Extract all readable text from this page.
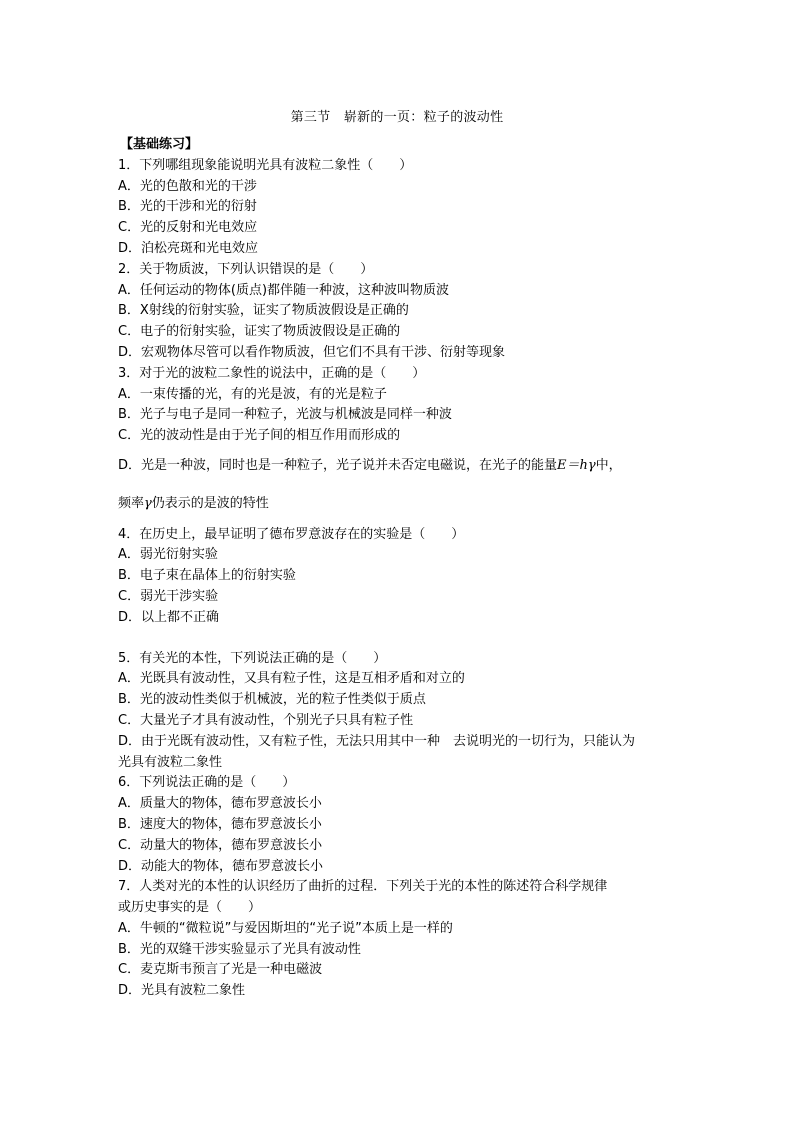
第三节　崭新的一页：粒子的波动性
【基础练习】
1．下列哪组现象能说明光具有波粒二象性（　　）
A．光的色散和光的干涉
B．光的干涉和光的衍射
C．光的反射和光电效应
D．泊松亮斑和光电效应
2．关于物质波，下列认识错误的是（　　）
A．任何运动的物体(质点)都伴随一种波，这种波叫物质波
B．X射线的衍射实验，证实了物质波假设是正确的
C．电子的衍射实验，证实了物质波假设是正确的
D．宏观物体尽管可以看作物质波，但它们不具有干涉、衍射等现象
3．对于光的波粒二象性的说法中，正确的是（　　）
A．一束传播的光，有的光是波，有的光是粒子
B．光子与电子是同一种粒子，光波与机械波是同样一种波
C．光的波动性是由于光子间的相互作用而形成的
D．光是一种波，同时也是一种粒子，光子说并未否定电磁说，在光子的能量E＝hγ中，
频率γ仍表示的是波的特性
4．在历史上，最早证明了德布罗意波存在的实验是（　　）
A．弱光衍射实验
B．电子束在晶体上的衍射实验
C．弱光干涉实验
D．以上都不正确
5．有关光的本性，下列说法正确的是（　　）
A．光既具有波动性，又具有粒子性，这是互相矛盾和对立的
B．光的波动性类似于机械波，光的粒子性类似于质点
C．大量光子才具有波动性，个别光子只具有粒子性
D．由于光既有波动性，又有粒子性，无法只用其中一种　去说明光的一切行为，只能认为
光具有波粒二象性
6．下列说法正确的是（　　）
A．质量大的物体，德布罗意波长小
B．速度大的物体，德布罗意波长小
C．动量大的物体，德布罗意波长小
D．动能大的物体，德布罗意波长小
7．人类对光的本性的认识经历了曲折的过程．下列关于光的本性的陈述符合科学规律
或历史事实的是（　　）
A．牛顿的“微粒说”与爱因斯坦的“光子说”本质上是一样的
B．光的双缝干涉实验显示了光具有波动性
C．麦克斯韦预言了光是一种电磁波
D．光具有波粒二象性
